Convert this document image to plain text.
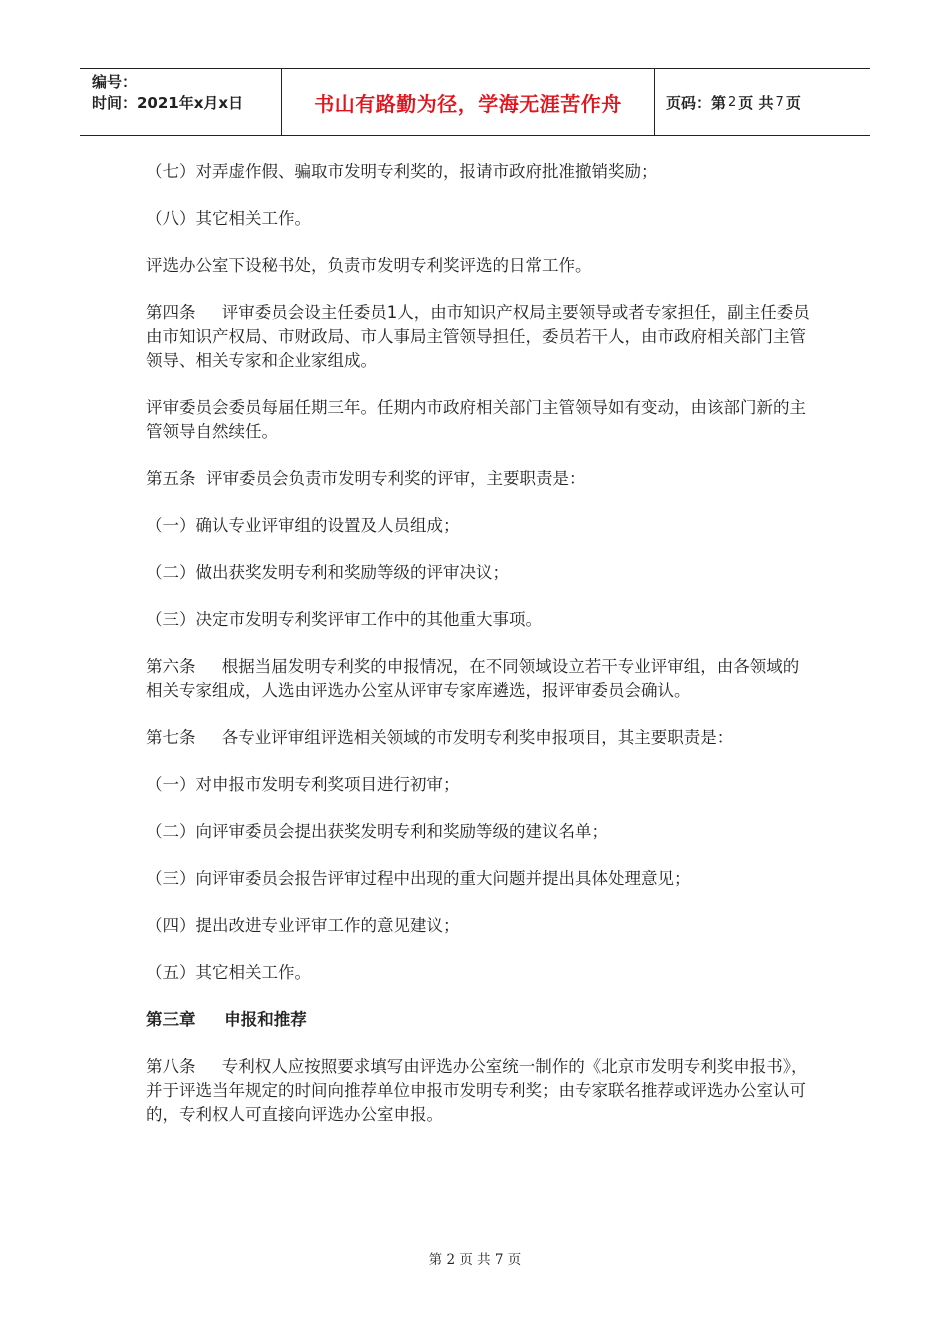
编号：
时间：2021年x月x日	书山有路勤为径，学海无涯苦作舟	页码：第 2 页 共 7 页

（七）对弄虚作假、骗取市发明专利奖的，报请市政府批准撤销奖励；

（八）其它相关工作。

评选办公室下设秘书处，负责市发明专利奖评选的日常工作。

第四条     评审委员会设主任委员1人，由市知识产权局主要领导或者专家担任，副主任委员由市知识产权局、市财政局、市人事局主管领导担任，委员若干人，由市政府相关部门主管领导、相关专家和企业家组成。

评审委员会委员每届任期三年。任期内市政府相关部门主管领导如有变动，由该部门新的主管领导自然续任。

第五条  评审委员会负责市发明专利奖的评审，主要职责是：

（一）确认专业评审组的设置及人员组成；

（二）做出获奖发明专利和奖励等级的评审决议；

（三）决定市发明专利奖评审工作中的其他重大事项。

第六条     根据当届发明专利奖的申报情况，在不同领域设立若干专业评审组，由各领域的相关专家组成，人选由评选办公室从评审专家库遴选，报评审委员会确认。

第七条     各专业评审组评选相关领域的市发明专利奖申报项目，其主要职责是：

（一）对申报市发明专利奖项目进行初审；

（二）向评审委员会提出获奖发明专利和奖励等级的建议名单；

（三）向评审委员会报告评审过程中出现的重大问题并提出具体处理意见；

（四）提出改进专业评审工作的意见建议；

（五）其它相关工作。

第三章     申报和推荐

第八条     专利权人应按照要求填写由评选办公室统一制作的《北京市发明专利奖申报书》，并于评选当年规定的时间向推荐单位申报市发明专利奖；由专家联名推荐或评选办公室认可的，专利权人可直接向评选办公室申报。

第 2 页 共 7 页
